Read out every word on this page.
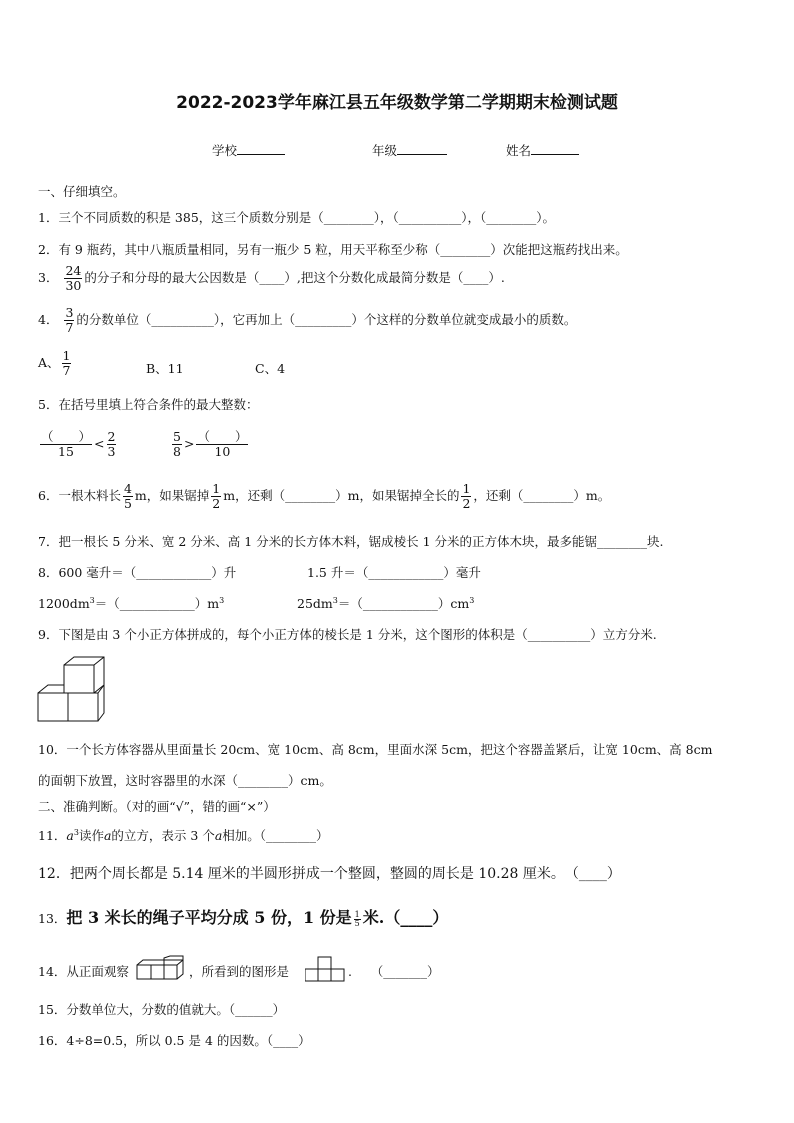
2022-2023学年麻江县五年级数学第二学期期末检测试题
学校	年级	姓名
一、仔细填空。
1．三个不同质数的积是 385，这三个质数分别是（________），（__________），（________）。
2．有 9 瓶药，其中八瓶质量相同，另有一瓶少 5 粒，用天平称至少称（________）次能把这瓶药找出来。
3． $\frac{24}{30}$ 的分子和分母的最大公因数是（____）,把这个分数化成最简分数是（____）.
4． $\frac{3}{7}$ 的分数单位（__________），它再加上（_________）个这样的分数单位就变成最小的质数。
A、 $\frac{1}{7}$	B、11	C、4
5．在括号里填上符合条件的最大整数：
$\frac{( )}{15} < \frac{2}{3}$	$\frac{5}{8} > \frac{( )}{10}$
6．一根木料长 $\frac{4}{5}$ m，如果锯掉 $\frac{1}{2}$ m，还剩（________）m，如果锯掉全长的 $\frac{1}{2}$ ，还剩（________）m。
7．把一根长 5 分米、宽 2 分米、高 1 分米的长方体木料，锯成棱长 1 分米的正方体木块，最多能锯________块.
8．600 毫升＝（____________）升	1.5 升＝（____________）毫升
$1200dm^3=(\_\_\_\_\_\_\_\_\_\_\_\_)m^3$	$25dm^3=(\_\_\_\_\_\_\_\_\_\_\_\_)cm^3$
9．下图是由 3 个小正方体拼成的，每个小正方体的棱长是 1 分米，这个图形的体积是（__________）立方分米.
10．一个长方体容器从里面量长 20cm、宽 10cm、高 8cm，里面水深 5cm，把这个容器盖紧后，让宽 10cm、高 8cm
的面朝下放置，这时容器里的水深（________）cm。
二、准确判断。（对的画“√”，错的画“×”）
11．$a^3$读作a的立方，表示 3 个a相加。（________）
12．把两个周长都是 5.14 厘米的半圆形拼成一个整圆，整圆的周长是 10.28 厘米。　（____）
13．把 3 米长的绳子平均分成 5 份，1 份是 $\frac{1}{5}$ 米.（____）
14．从正面观察	，所看到的图形是	.　　（_______）
15．分数单位大，分数的值就大。（______）
16．4÷8=0.5，所以 0.5 是 4 的因数。（____）
